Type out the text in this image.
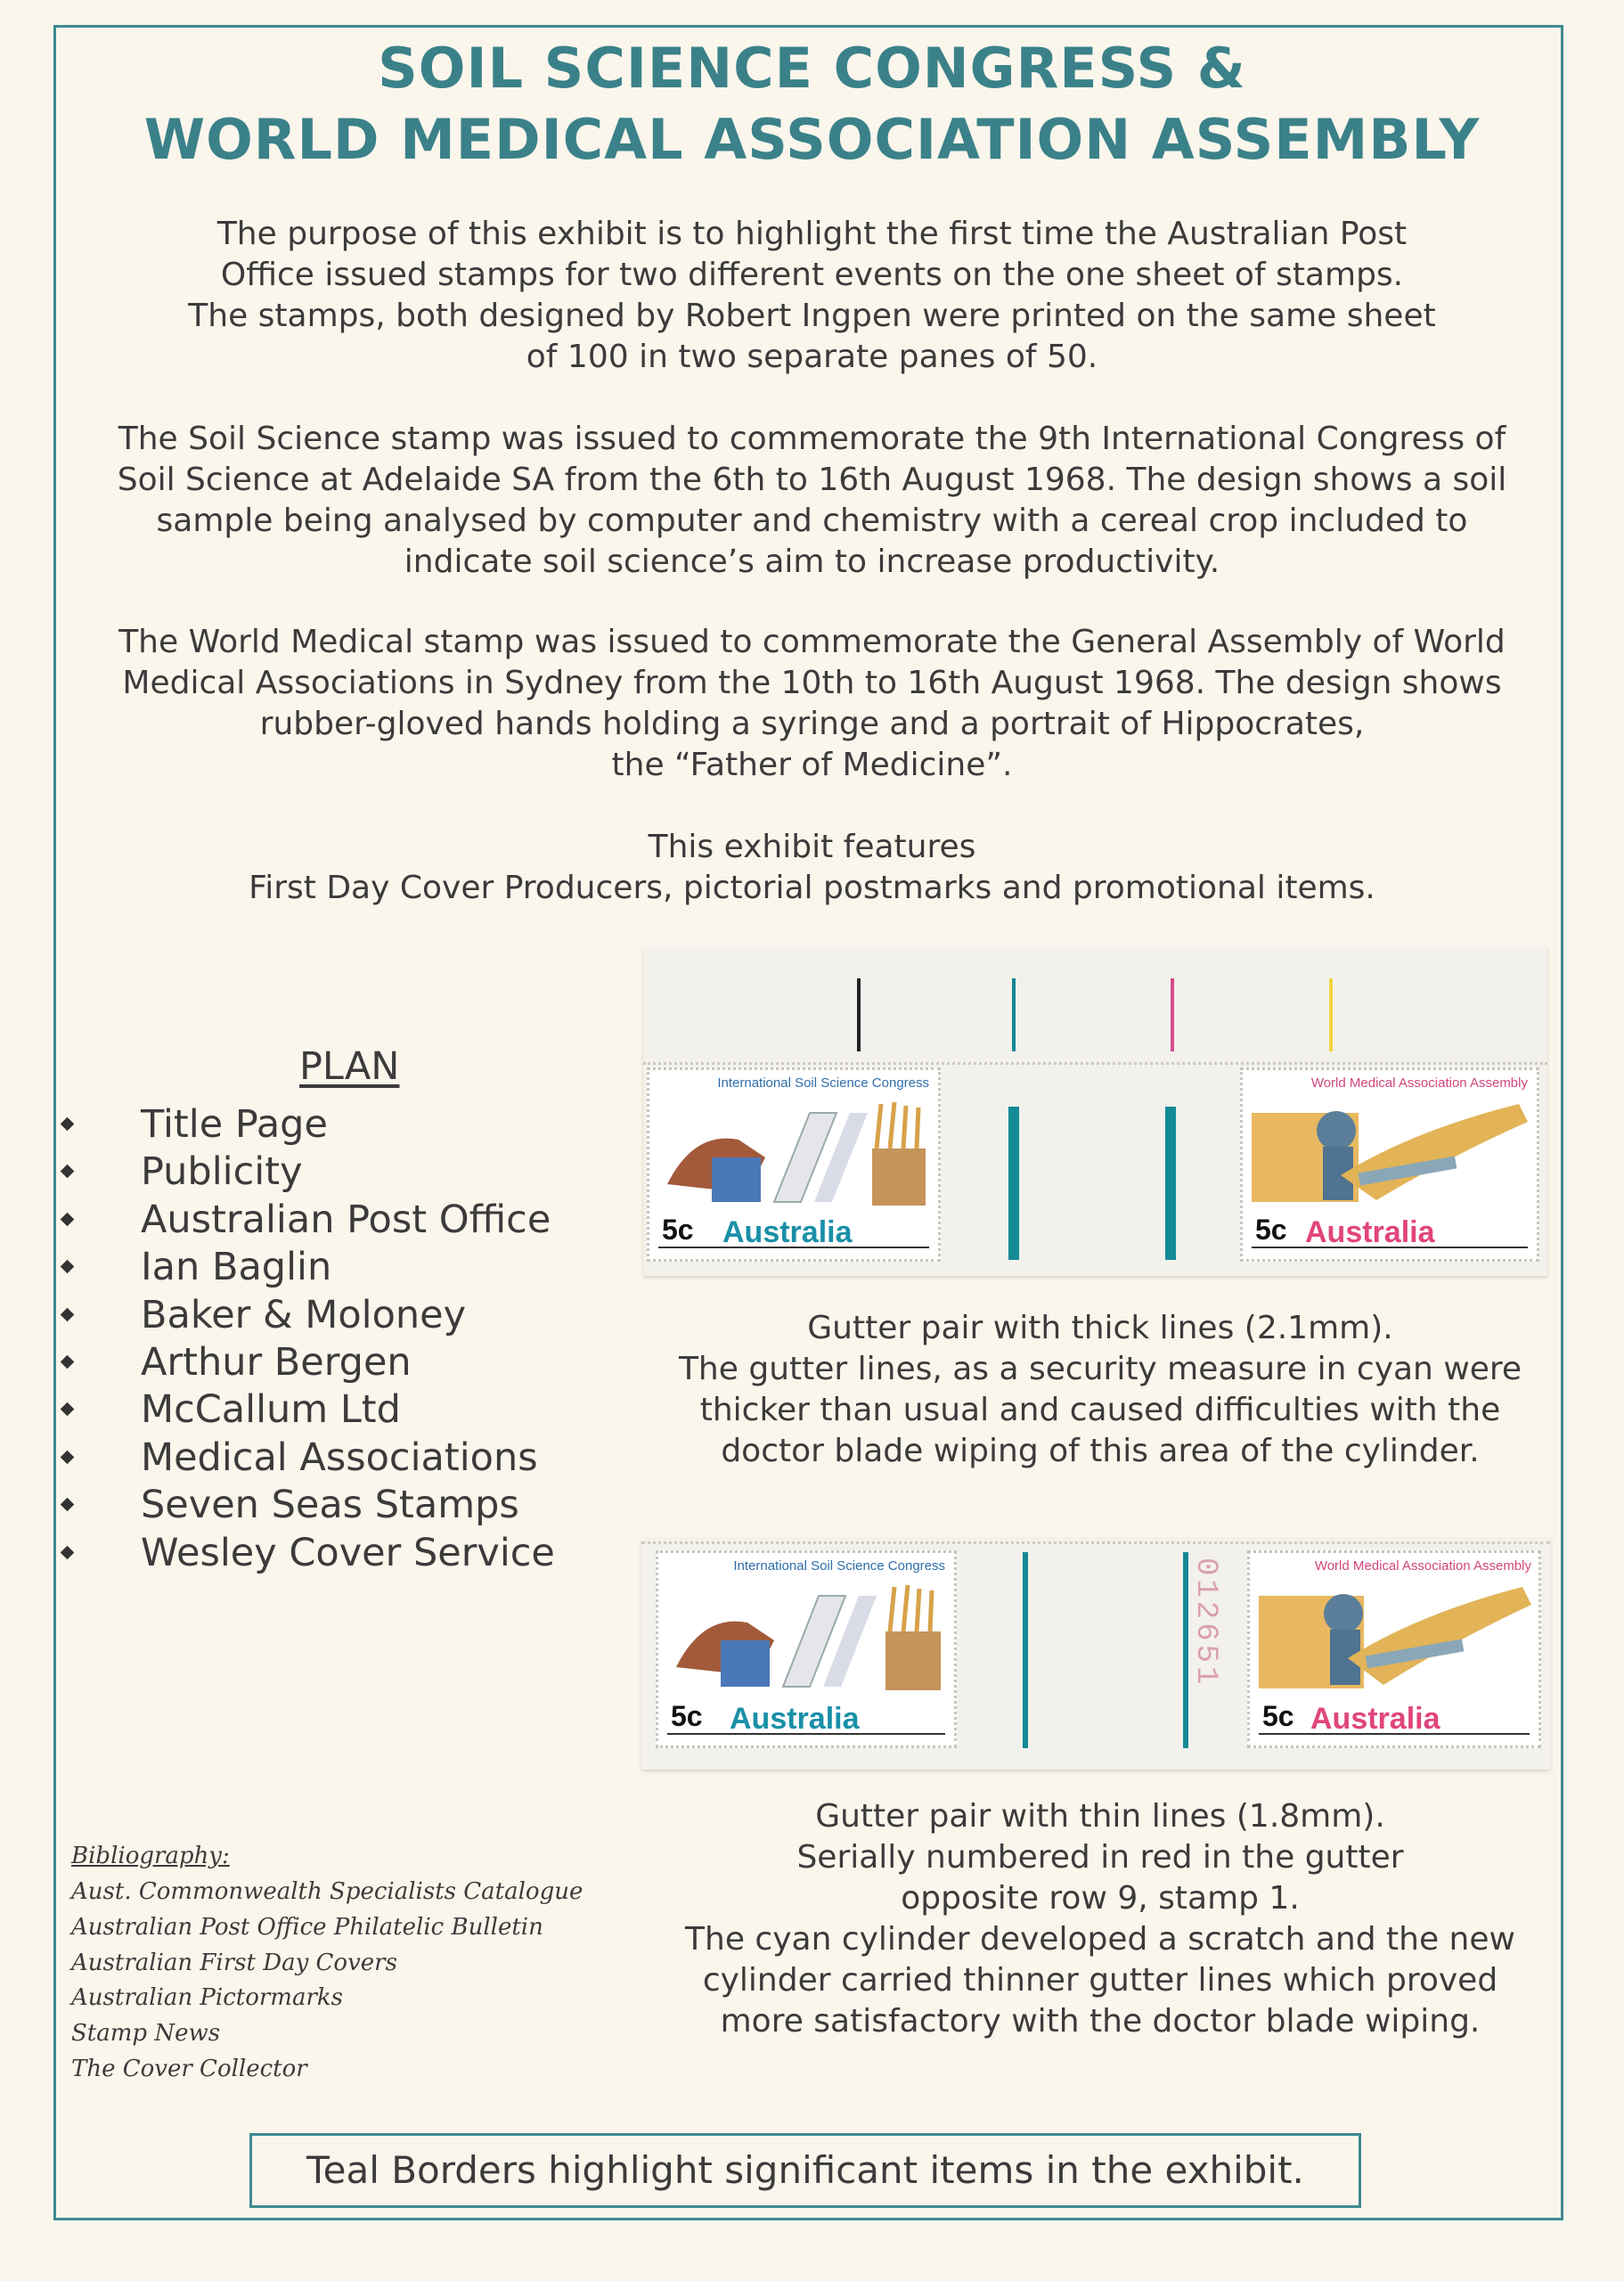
SOIL SCIENCE CONGRESS &
WORLD MEDICAL ASSOCIATION ASSEMBLY

The purpose of this exhibit is to highlight the first time the Australian Post
Office issued stamps for two different events on the one sheet of stamps.
The stamps, both designed by Robert Ingpen were printed on the same sheet
of 100 in two separate panes of 50.

The Soil Science stamp was issued to commemorate the 9th International Congress of
Soil Science at Adelaide SA from the 6th to 16th August 1968. The design shows a soil
sample being analysed by computer and chemistry with a cereal crop included to
indicate soil science’s aim to increase productivity.

The World Medical stamp was issued to commemorate the General Assembly of World
Medical Associations in Sydney from the 10th to 16th August 1968. The design shows
rubber-gloved hands holding a syringe and a portrait of Hippocrates,
the “Father of Medicine”.

This exhibit features
First Day Cover Producers, pictorial postmarks and promotional items.

PLAN
Title Page
Publicity
Australian Post Office
Ian Baglin
Baker & Moloney
Arthur Bergen
McCallum Ltd
Medical Associations
Seven Seas Stamps
Wesley Cover Service
International Soil Science Congress
5c Australia
World Medical Association Assembly
5c Australia
Gutter pair with thick lines (2.1mm).
The gutter lines, as a security measure in cyan were
thicker than usual and caused difficulties with the
doctor blade wiping of this area of the cylinder.
012651
International Soil Science Congress
5c Australia
World Medical Association Assembly
5c Australia
Gutter pair with thin lines (1.8mm).
Serially numbered in red in the gutter
opposite row 9, stamp 1.
The cyan cylinder developed a scratch and the new
cylinder carried thinner gutter lines which proved
more satisfactory with the doctor blade wiping.
Bibliography:
Aust. Commonwealth Specialists Catalogue
Australian Post Office Philatelic Bulletin
Australian First Day Covers
Australian Pictormarks
Stamp News
The Cover Collector
Teal Borders highlight significant items in the exhibit.
